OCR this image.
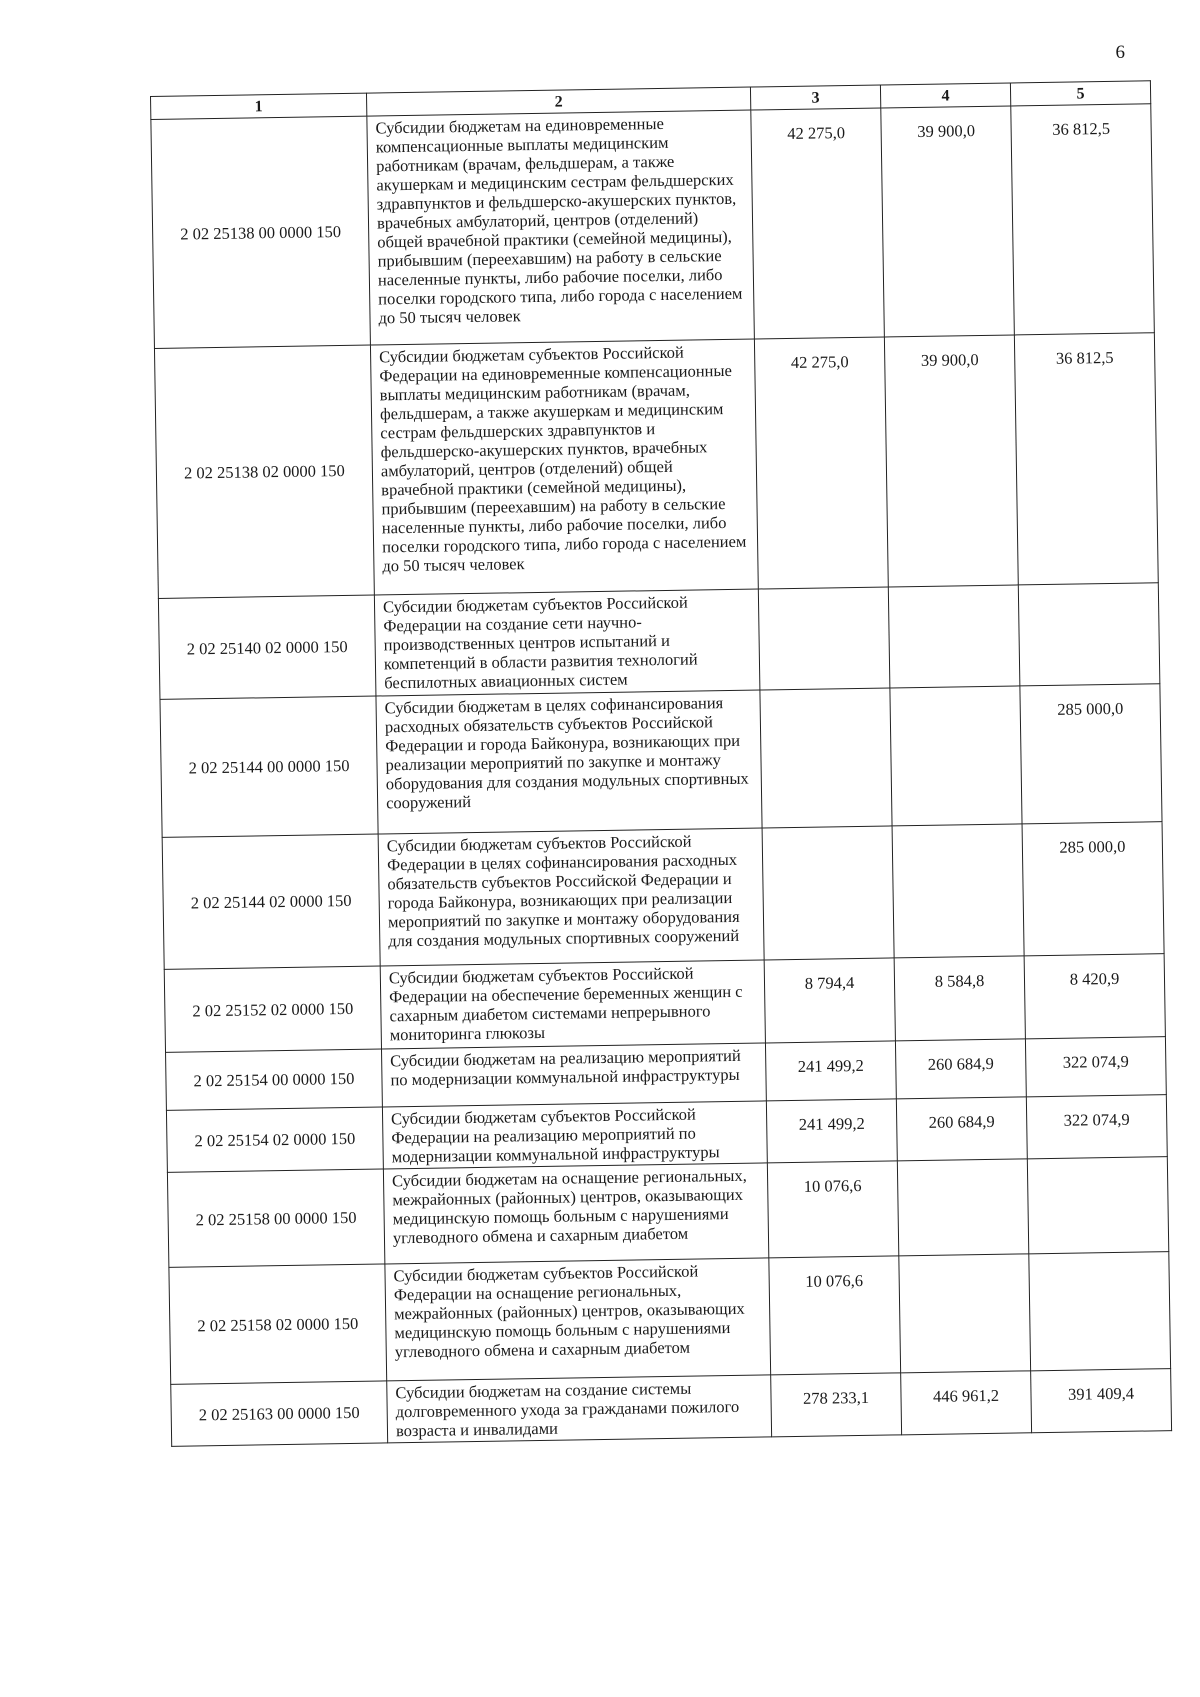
6
1	2	3	4	5
2 02 25138 00 0000 150	Субсидии бюджетам на единовременные компенсационные выплаты медицинским работникам (врачам, фельдшерам, а также акушеркам и медицинским сестрам фельдшерских здравпунктов и фельдшерско-акушерских пунктов, врачебных амбулаторий, центров (отделений) общей врачебной практики (семейной медицины), прибывшим (переехавшим) на работу в сельские населенные пункты, либо рабочие поселки, либо поселки городского типа, либо города с населением до 50 тысяч человек	42 275,0	39 900,0	36 812,5
2 02 25138 02 0000 150	Субсидии бюджетам субъектов Российской Федерации на единовременные компенсационные выплаты медицинским работникам (врачам, фельдшерам, а также акушеркам и медицинским сестрам фельдшерских здравпунктов и фельдшерско-акушерских пунктов, врачебных амбулаторий, центров (отделений) общей врачебной практики (семейной медицины), прибывшим (переехавшим) на работу в сельские населенные пункты, либо рабочие поселки, либо поселки городского типа, либо города с населением до 50 тысяч человек	42 275,0	39 900,0	36 812,5
2 02 25140 02 0000 150	Субсидии бюджетам субъектов Российской Федерации на создание сети научно-производственных центров испытаний и компетенций в области развития технологий беспилотных авиационных систем			
2 02 25144 00 0000 150	Субсидии бюджетам в целях софинансирования расходных обязательств субъектов Российской Федерации и города Байконура, возникающих при реализации мероприятий по закупке и монтажу оборудования для создания модульных спортивных сооружений			285 000,0
2 02 25144 02 0000 150	Субсидии бюджетам субъектов Российской Федерации в целях софинансирования расходных обязательств субъектов Российской Федерации и города Байконура, возникающих при реализации мероприятий по закупке и монтажу оборудования для создания модульных спортивных сооружений			285 000,0
2 02 25152 02 0000 150	Субсидии бюджетам субъектов Российской Федерации на обеспечение беременных женщин с сахарным диабетом системами непрерывного мониторинга глюкозы	8 794,4	8 584,8	8 420,9
2 02 25154 00 0000 150	Субсидии бюджетам на реализацию мероприятий по модернизации коммунальной инфраструктуры	241 499,2	260 684,9	322 074,9
2 02 25154 02 0000 150	Субсидии бюджетам субъектов Российской Федерации на реализацию мероприятий по модернизации коммунальной инфраструктуры	241 499,2	260 684,9	322 074,9
2 02 25158 00 0000 150	Субсидии бюджетам на оснащение региональных, межрайонных (районных) центров, оказывающих медицинскую помощь больным с нарушениями углеводного обмена и сахарным диабетом	10 076,6		
2 02 25158 02 0000 150	Субсидии бюджетам субъектов Российской Федерации на оснащение региональных, межрайонных (районных) центров, оказывающих медицинскую помощь больным с нарушениями углеводного обмена и сахарным диабетом	10 076,6		
2 02 25163 00 0000 150	Субсидии бюджетам на создание системы долговременного ухода за гражданами пожилого возраста и инвалидами	278 233,1	446 961,2	391 409,4
